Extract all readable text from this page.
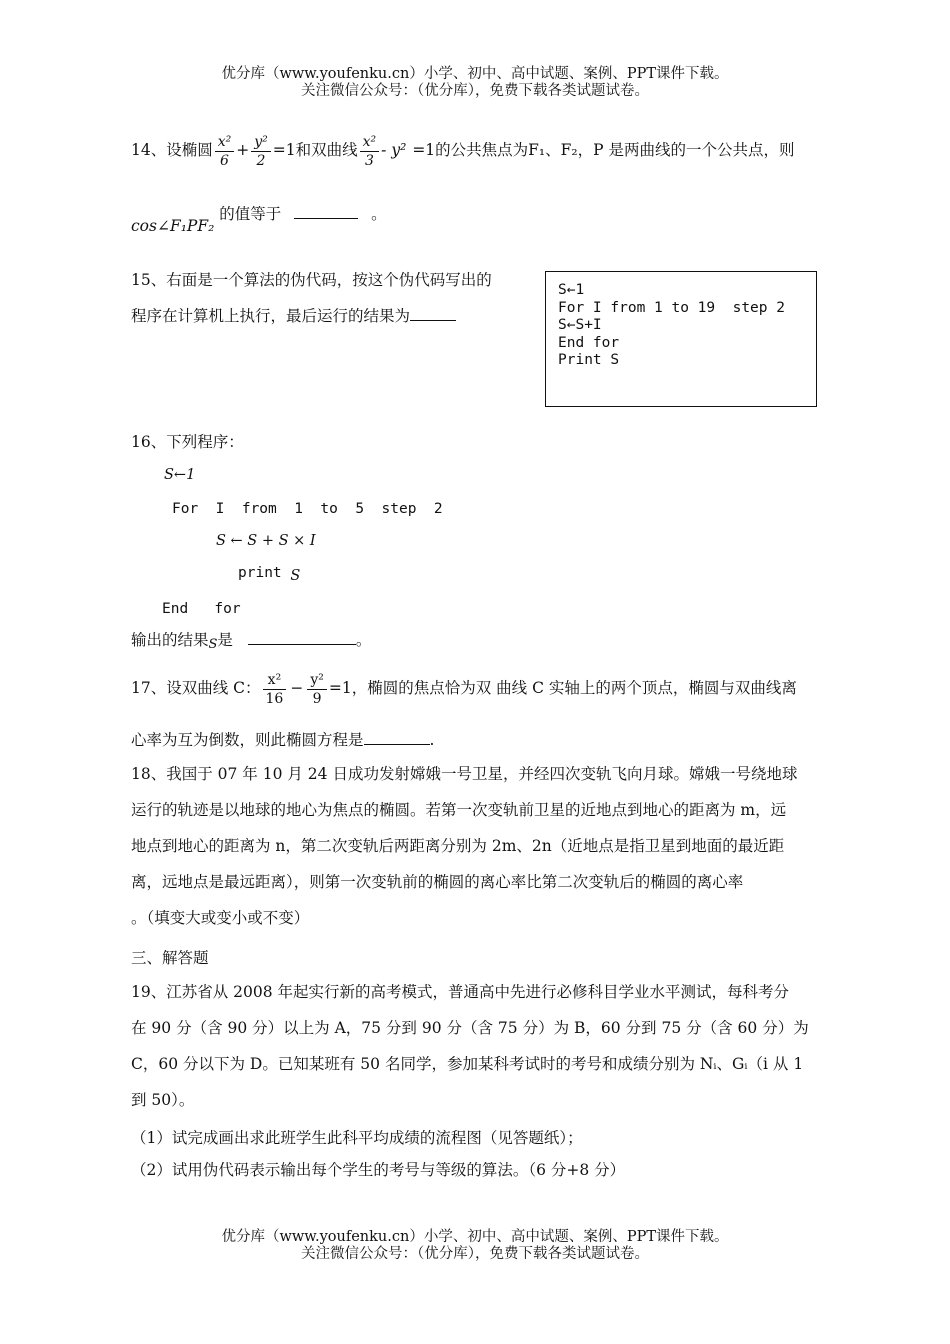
优分库（www.youfenku.cn）小学、初中、高中试题、案例、PPT课件下载。
关注微信公众号：（优分库），免费下载各类试题试卷。
14、设椭圆 $\frac{\text{x²}}{6} + \frac{\text{y²}}{2} =1$和双曲线 $\frac{\text{x²}}{3} - y^2 =1$的公共焦点为F₁、F₂，P 是两曲线的一个公共点，则
cos∠F₁PF₂ 的值等于	。
15、右面是一个算法的伪代码，按这个伪代码写出的
程序在计算机上执行，最后运行的结果为
S←1
For I from 1 to 19  step 2
S←S+I
End for
Print S
16、下列程序：
S←1
For  I  from  1  to  5  step  2
S ← S + S × I
print S
End   for
输出的结果S是	。
17、设双曲线 C： $\frac{\text{x²}}{16} - \frac{\text{y²}}{9} =1$，椭圆的焦点恰为双 曲线 C 实轴上的两个顶点，椭圆与双曲线离
心率为互为倒数，则此椭圆方程是	.
18、我国于 07 年 10 月 24 日成功发射嫦娥一号卫星，并经四次变轨飞向月球。嫦娥一号绕地球
运行的轨迹是以地球的地心为焦点的椭圆。若第一次变轨前卫星的近地点到地心的距离为 m，远
地点到地心的距离为 n，第二次变轨后两距离分别为 2m、2n（近地点是指卫星到地面的最近距
离，远地点是最远距离），则第一次变轨前的椭圆的离心率比第二次变轨后的椭圆的离心率
。（填变大或变小或不变）
三、解答题
19、江苏省从 2008 年起实行新的高考模式，普通高中先进行必修科目学业水平测试，每科考分
在 90 分（含 90 分）以上为 A，75 分到 90 分（含 75 分）为 B，60 分到 75 分（含 60 分）为
C，60 分以下为 D。已知某班有 50 名同学，参加某科考试时的考号和成绩分别为 Nᵢ、Gᵢ（i 从 1
到 50）。
（1）试完成画出求此班学生此科平均成绩的流程图（见答题纸）；
（2）试用伪代码表示输出每个学生的考号与等级的算法。（6 分+8 分）
优分库（www.youfenku.cn）小学、初中、高中试题、案例、PPT课件下载。
关注微信公众号：（优分库），免费下载各类试题试卷。
